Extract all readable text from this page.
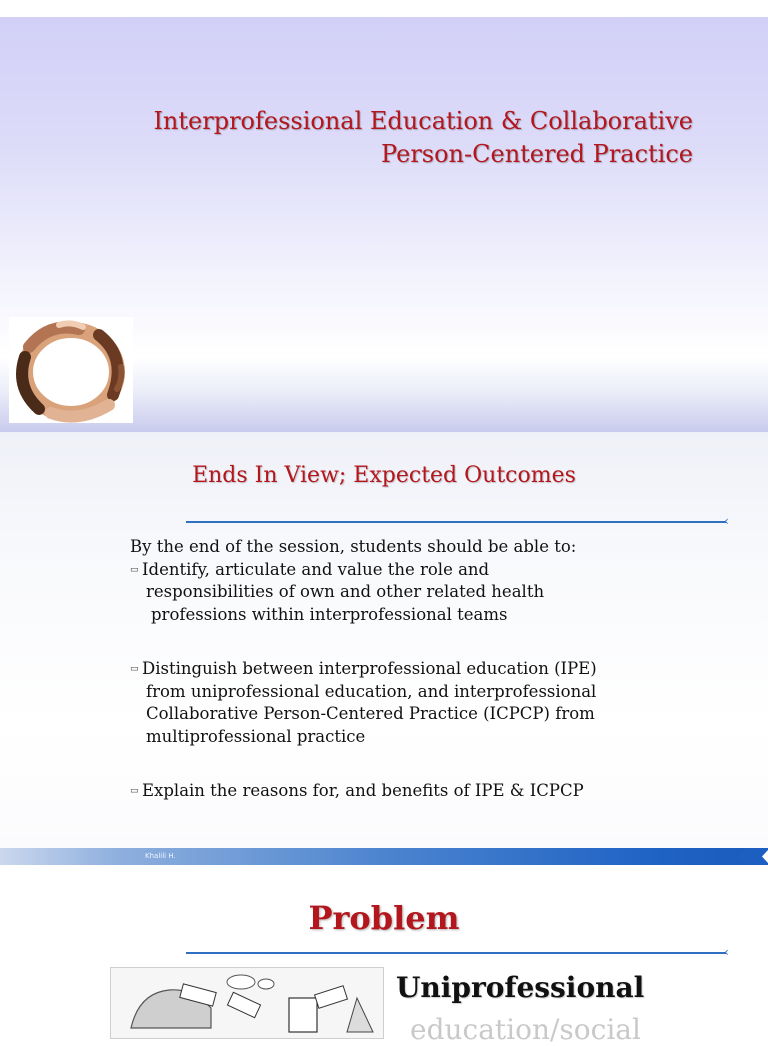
Interprofessional Education & Collaborative
Person-Centered Practice
Ends In View; Expected Outcomes
‹
By the end of the session, students should be able to:
▭ Identify, articulate and value the role and
responsibilities of own and other related health
professions within interprofessional teams
▭ Distinguish between interprofessional education (IPE)
from uniprofessional education, and interprofessional
Collaborative Person-Centered Practice (ICPCP) from
multiprofessional practice
▭ Explain the reasons for, and benefits of IPE & ICPCP
Khalili H.
Problem
‹
Uniprofessional
education/social
